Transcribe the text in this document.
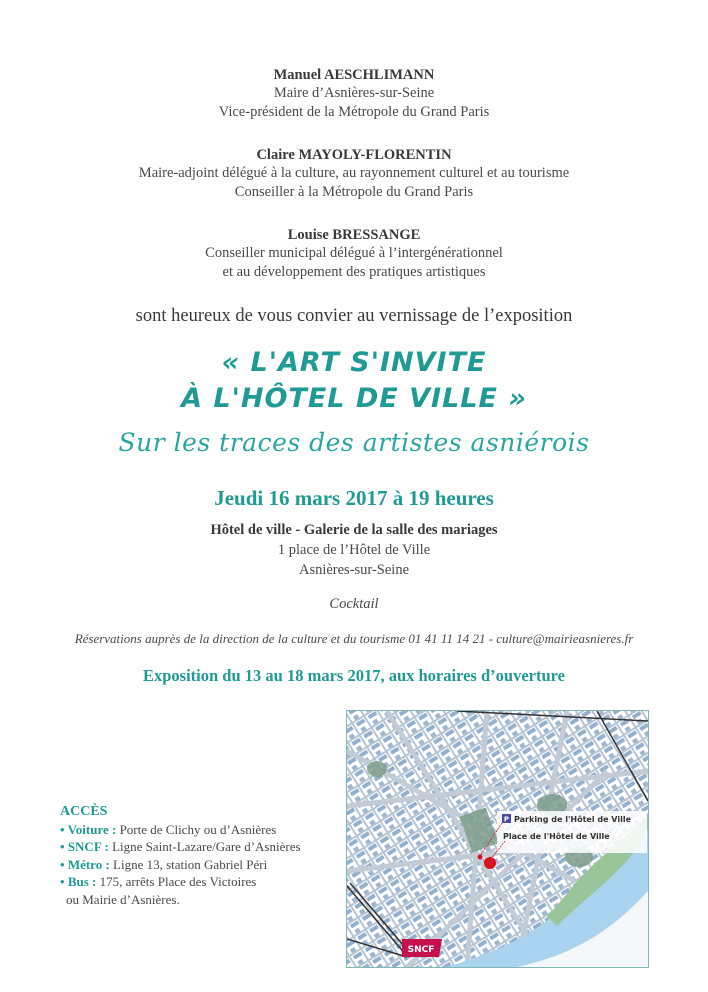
Manuel AESCHLIMANN
Maire d’Asnières-sur-Seine
Vice-président de la Métropole du Grand Paris
Claire MAYOLY-FLORENTIN
Maire-adjoint délégué à la culture, au rayonnement culturel et au tourisme
Conseiller à la Métropole du Grand Paris
Louise BRESSANGE
Conseiller municipal délégué à l’intergénérationnel
et au développement des pratiques artistiques
sont heureux de vous convier au vernissage de l’exposition
« L'ART S'INVITE
À L'HÔTEL DE VILLE »
Sur les traces des artistes asniérois
Jeudi 16 mars 2017 à 19 heures
Hôtel de ville - Galerie de la salle des mariages
1 place de l’Hôtel de Ville
Asnières-sur-Seine
Cocktail
Réservations auprès de la direction de la culture et du tourisme 01 41 11 14 21 - culture@mairieasnieres.fr
Exposition du 13 au 18 mars 2017, aux horaires d’ouverture
ACCÈS
• Voiture : Porte de Clichy ou d’Asnières
• SNCF : Ligne Saint-Lazare/Gare d’Asnières
• Métro : Ligne 13, station Gabriel Péri
• Bus : 175, arrêts Place des Victoires
ou Mairie d’Asnières.
P Parking de l'Hôtel de Ville
Place de l'Hôtel de Ville
SNCF
